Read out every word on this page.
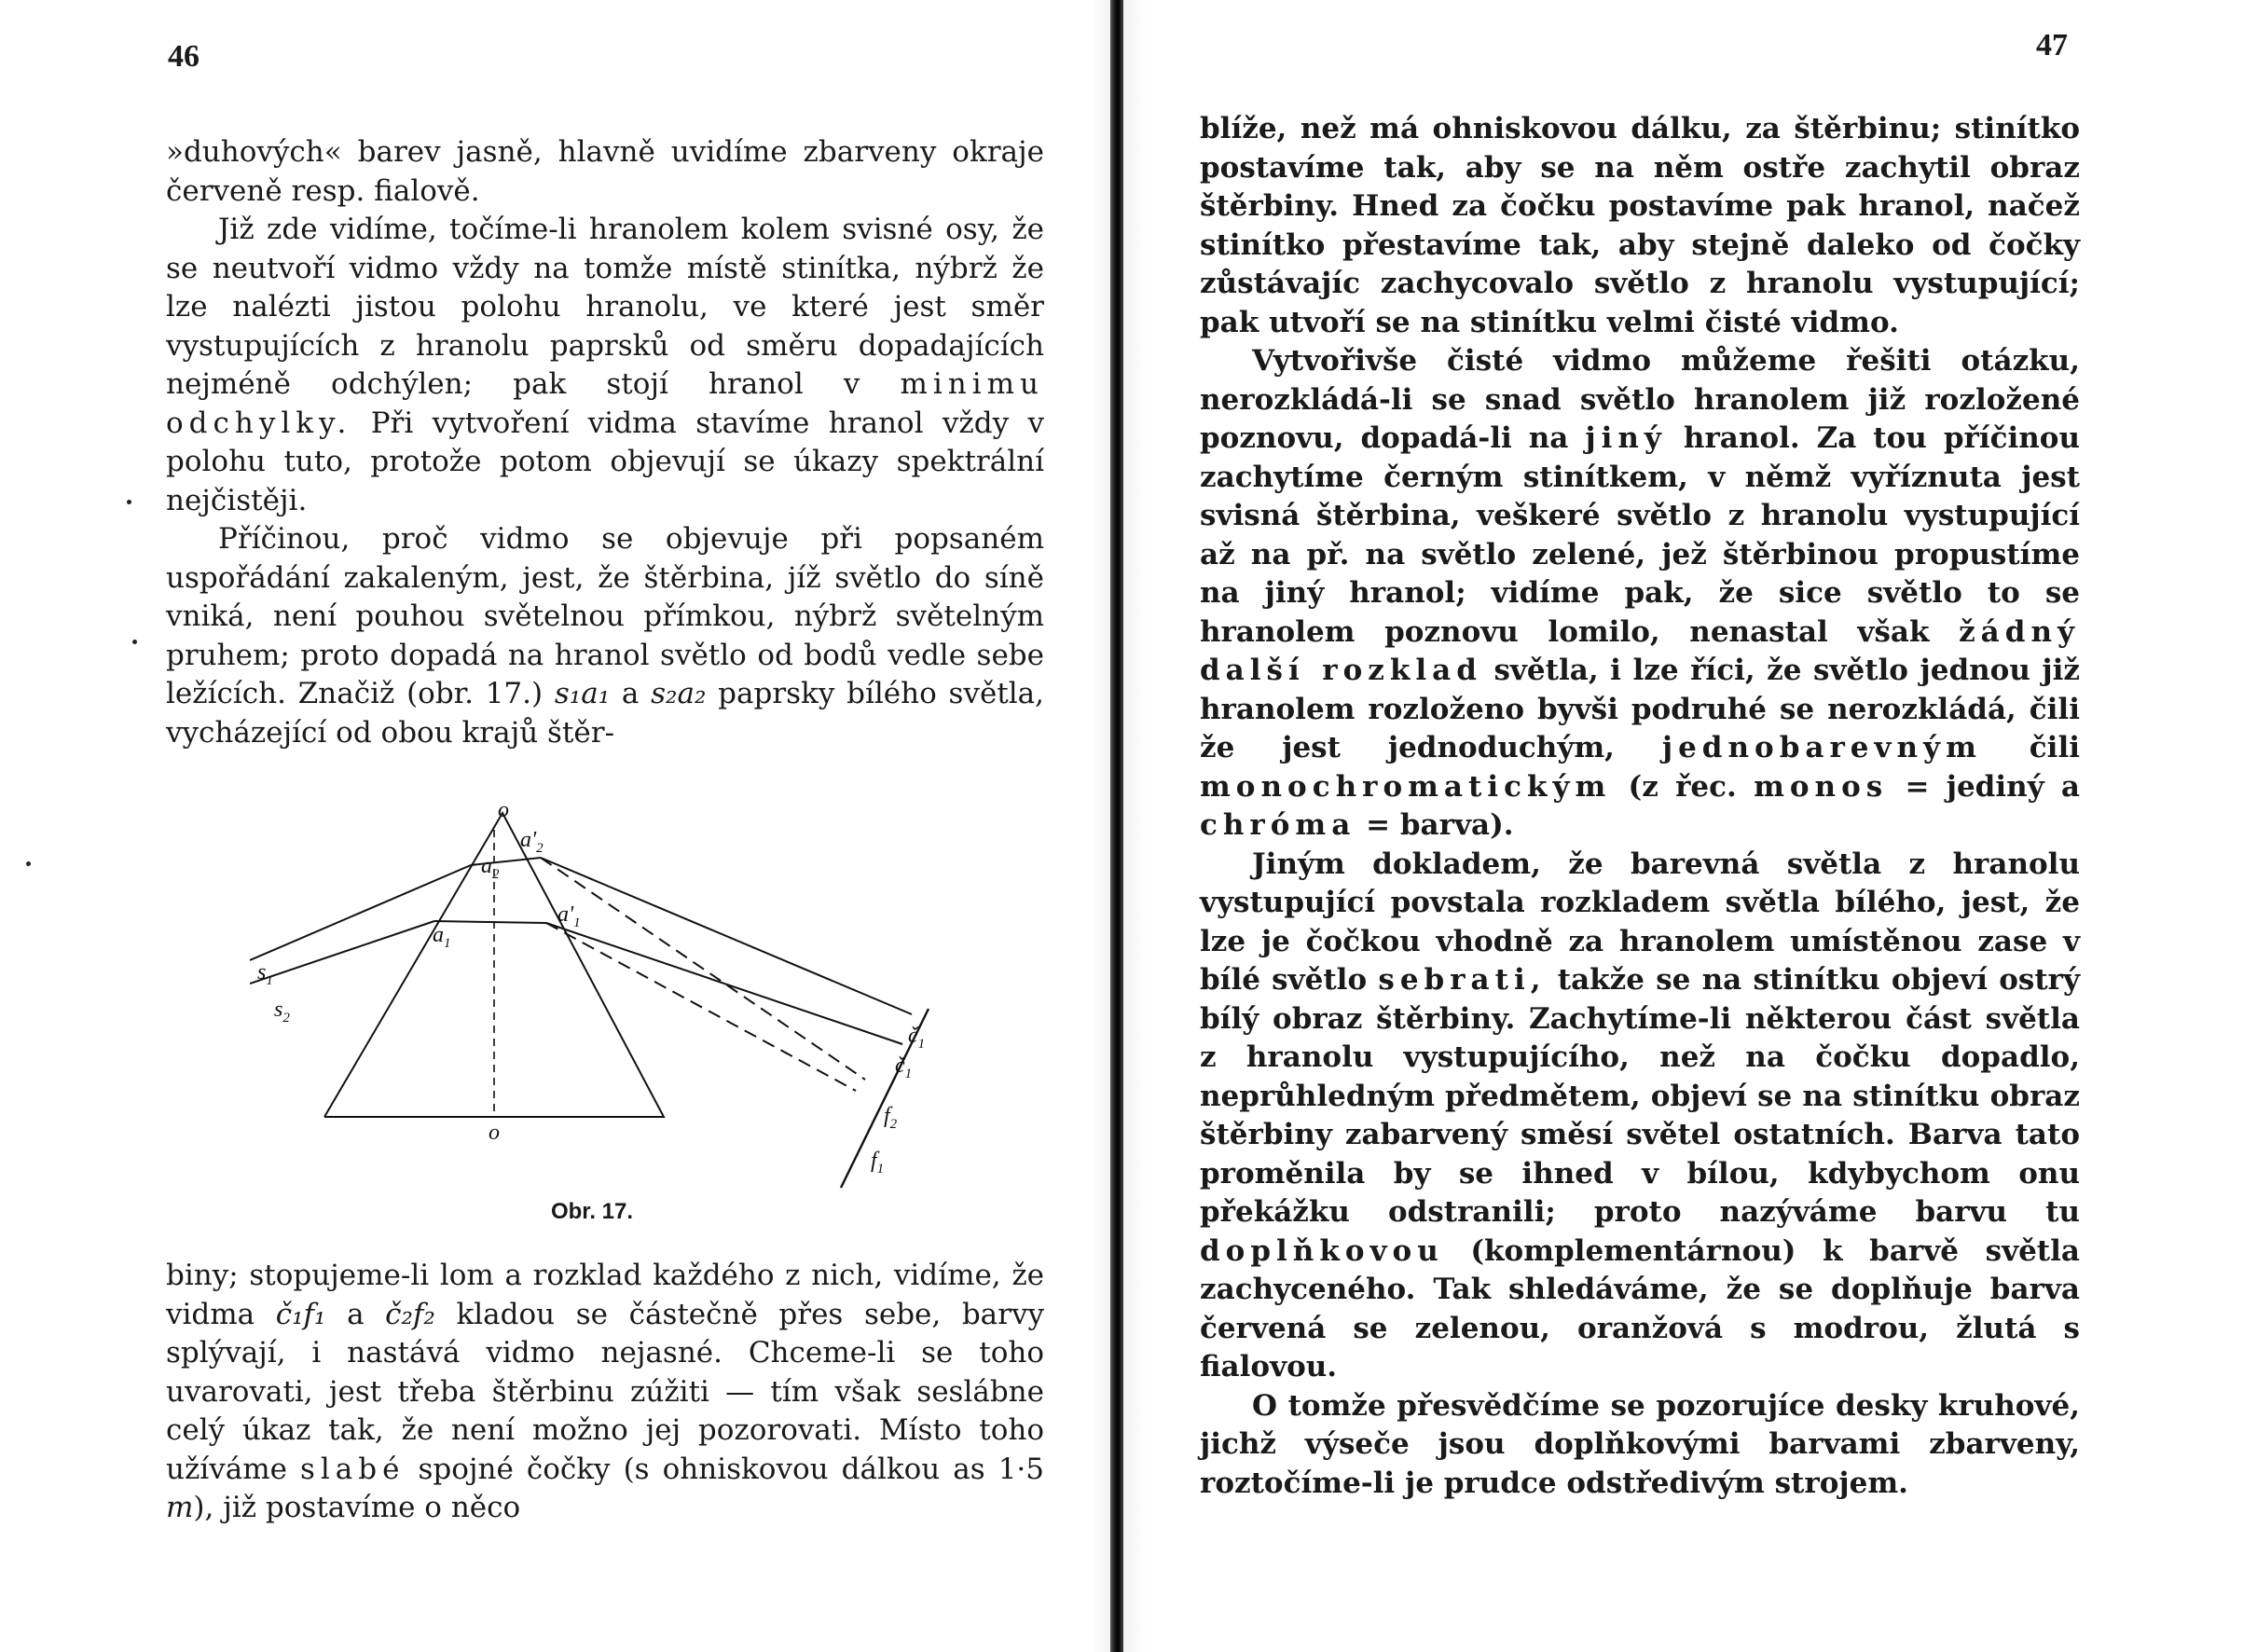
46

»duhových« barev jasně, hlavně uvidíme zbarveny okraje červeně resp. fialově.

Již zde vidíme, točíme-li hranolem kolem svisné osy, že se neutvoří vidmo vždy na tomže místě stinítka, nýbrž že lze nalézti jistou polohu hranolu, ve které jest směr vystupujících z hranolu paprsků od směru dopadajících nejméně odchýlen; pak stojí hranol v minimu odchylky. Při vytvoření vidma stavíme hranol vždy v polohu tuto, protože potom objevují se úkazy spektrální nejčistěji.

Příčinou, proč vidmo se objevuje při popsaném uspořádání zakaleným, jest, že štěrbina, jíž světlo do síně vniká, není pouhou světelnou přímkou, nýbrž světelným pruhem; proto dopadá na hranol světlo od bodů vedle sebe ležících. Značiž (obr. 17.) s₁a₁ a s₂a₂ paprsky bílého světla, vycházející od obou krajů štěr-

o
o
$a_2$
$a_1$
$a'_2$
$a'_1$
$s_1$
$s_2$
$č_1$
$č_1$
$f_2$
$f_1$
Obr. 17.

biny; stopujeme-li lom a rozklad každého z nich, vidíme, že vidma č₁f₁ a č₂f₂ kladou se částečně přes sebe, barvy splývají, i nastává vidmo nejasné. Chceme-li se toho uvarovati, jest třeba štěrbinu zúžiti — tím však seslábne celý úkaz tak, že není možno jej pozorovati. Místo toho užíváme slabé spojné čočky (s ohniskovou dálkou as 1·5 m), již postavíme o něco

47

blíže, než má ohniskovou dálku, za štěrbinu; stinítko postavíme tak, aby se na něm ostře zachytil obraz štěrbiny. Hned za čočku postavíme pak hranol, načež stinítko přestavíme tak, aby stejně daleko od čočky zůstávajíc zachycovalo světlo z hranolu vystupující; pak utvoří se na stinítku velmi čisté vidmo.

Vytvořivše čisté vidmo můžeme řešiti otázku, nerozkládá-li se snad světlo hranolem již rozložené poznovu, dopadá-li na jiný hranol. Za tou příčinou zachytíme černým stinítkem, v němž vyříznuta jest svisná štěrbina, veškeré světlo z hranolu vystupující až na př. na světlo zelené, jež štěrbinou propustíme na jiný hranol; vidíme pak, že sice světlo to se hranolem poznovu lomilo, nenastal však žádný další rozklad světla, i lze říci, že světlo jednou již hranolem rozloženo byvši podruhé se nerozkládá, čili že jest jednoduchým, jednobarevným čili monochromatickým (z řec. monos = jediný a chróma = barva).

Jiným dokladem, že barevná světla z hranolu vystupující povstala rozkladem světla bílého, jest, že lze je čočkou vhodně za hranolem umístěnou zase v bílé světlo sebrati, takže se na stinítku objeví ostrý bílý obraz štěrbiny. Zachytíme-li některou část světla z hranolu vystupujícího, než na čočku dopadlo, neprůhledným předmětem, objeví se na stinítku obraz štěrbiny zabarvený směsí světel ostatních. Barva tato proměnila by se ihned v bílou, kdybychom onu překážku odstranili; proto nazýváme barvu tu doplňkovou (komplementárnou) k barvě světla zachyceného. Tak shledáváme, že se doplňuje barva červená se zelenou, oranžová s modrou, žlutá s fialovou.

O tomže přesvědčíme se pozorujíce desky kruhové, jichž výseče jsou doplňkovými barvami zbarveny, roztočíme-li je prudce odstředivým strojem.
